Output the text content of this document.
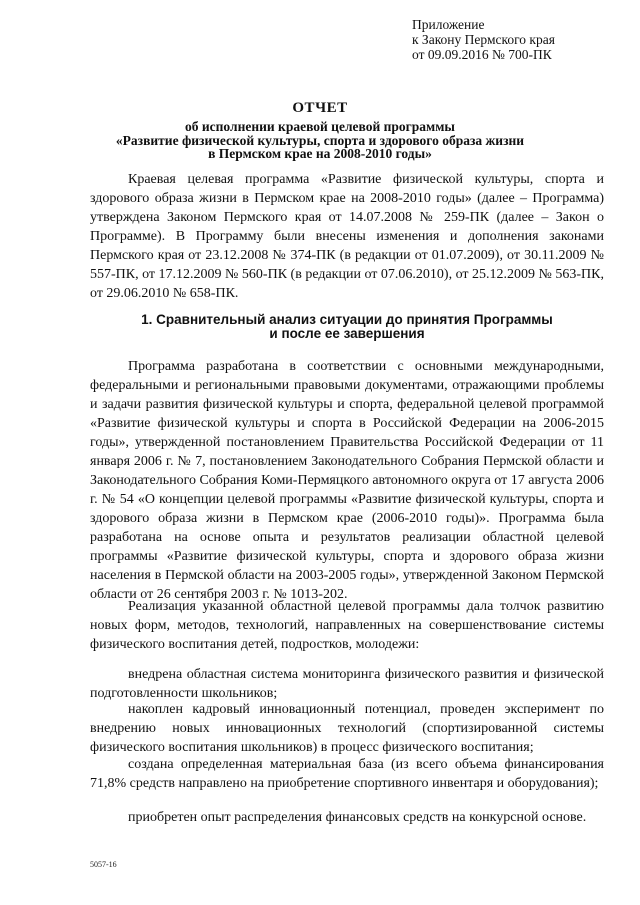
Приложение
к Закону Пермского края
от 09.09.2016 № 700-ПК
ОТЧЕТ
об исполнении краевой целевой программы
«Развитие физической культуры, спорта и здорового образа жизни
в Пермском крае на 2008-2010 годы»
Краевая целевая программа «Развитие физической культуры, спорта и здорового образа жизни в Пермском крае на 2008-2010 годы» (далее – Программа) утверждена Законом Пермского края от 14.07.2008 № 259-ПК (далее – Закон о Программе). В Программу были внесены изменения и дополнения законами Пермского края от 23.12.2008 № 374-ПК (в редакции от 01.07.2009), от 30.11.2009 № 557-ПК, от 17.12.2009 № 560-ПК (в редакции от 07.06.2010), от 25.12.2009 № 563-ПК, от 29.06.2010 № 658-ПК.
1. Сравнительный анализ ситуации до принятия Программы
и после ее завершения
Программа разработана в соответствии с основными международными, федеральными и региональными правовыми документами, отражающими проблемы и задачи развития физической культуры и спорта, федеральной целевой программой «Развитие физической культуры и спорта в Российской Федерации на 2006-2015 годы», утвержденной постановлением Правительства Российской Федерации от 11 января 2006 г. № 7, постановлением Законодательного Собрания Пермской области и Законодательного Собрания Коми-Пермяцкого автономного округа от 17 августа 2006 г. № 54 «О концепции целевой программы «Развитие физической культуры, спорта и здорового образа жизни в Пермском крае (2006-2010 годы)». Программа была разработана на основе опыта и результатов реализации областной целевой программы «Развитие физической культуры, спорта и здорового образа жизни населения в Пермской области на 2003-2005 годы», утвержденной Законом Пермской области от 26 сентября 2003 г. № 1013-202.
Реализация указанной областной целевой программы дала толчок развитию новых форм, методов, технологий, направленных на совершенствование системы физического воспитания детей, подростков, молодежи:
внедрена областная система мониторинга физического развития и физической подготовленности школьников;
накоплен кадровый инновационный потенциал, проведен эксперимент по внедрению новых инновационных технологий (спортизированной системы физического воспитания школьников) в процесс физического воспитания;
создана определенная материальная база (из всего объема финансирования 71,8% средств направлено на приобретение спортивного инвентаря и оборудования);
приобретен опыт распределения финансовых средств на конкурсной основе.
5057-16
